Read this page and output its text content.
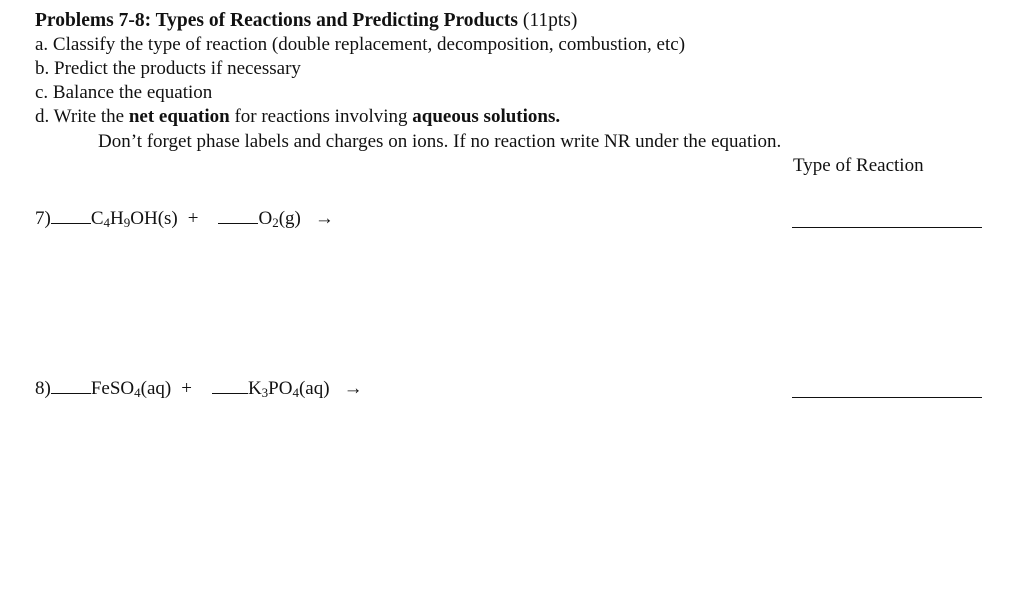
Problems 7-8: Types of Reactions and Predicting Products (11pts)
a. Classify the type of reaction (double replacement, decomposition, combustion, etc)
b. Predict the products if necessary
c. Balance the equation
d. Write the net equation for reactions involving aqueous solutions.
Don’t forget phase labels and charges on ions. If no reaction write NR under the equation.
Type of Reaction
7) $C_4H_9OH(s)$ +	$O_2(g)$ →
8) FeSO$_4$(aq) +	$K_3PO_4(aq)$ →
